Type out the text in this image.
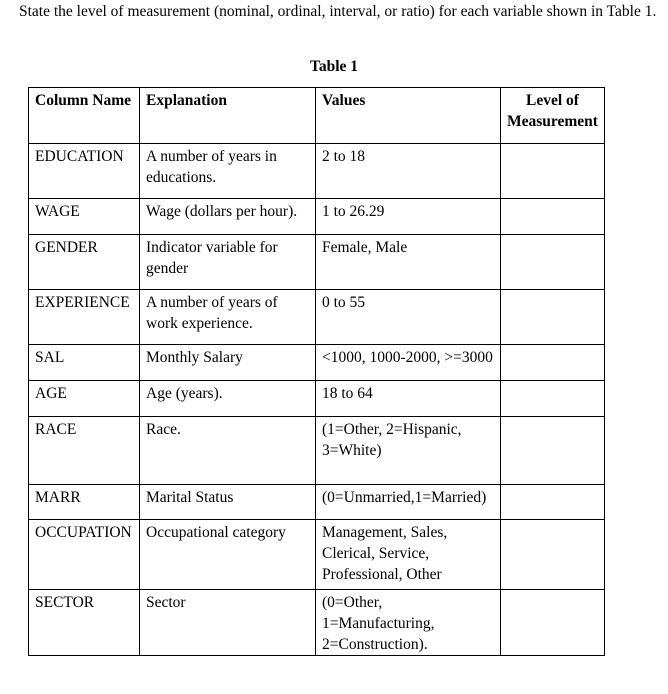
State the level of measurement (nominal, ordinal, interval, or ratio) for each variable shown in Table 1.
Table 1
Column Name	Explanation	Values	Level of Measurement
EDUCATION	A number of years in educations.	2 to 18	
WAGE	Wage (dollars per hour).	1 to 26.29	
GENDER	Indicator variable for gender	Female, Male	
EXPERIENCE	A number of years of work experience.	0 to 55	
SAL	Monthly Salary	<1000, 1000-2000, >=3000	
AGE	Age (years).	18 to 64	
RACE	Race.	(1=Other, 2=Hispanic, 3=White)	
MARR	Marital Status	(0=Unmarried,1=Married)	
OCCUPATION	Occupational category	Management, Sales, Clerical, Service, Professional, Other	
SECTOR	Sector	(0=Other, 1=Manufacturing, 2=Construction).	
